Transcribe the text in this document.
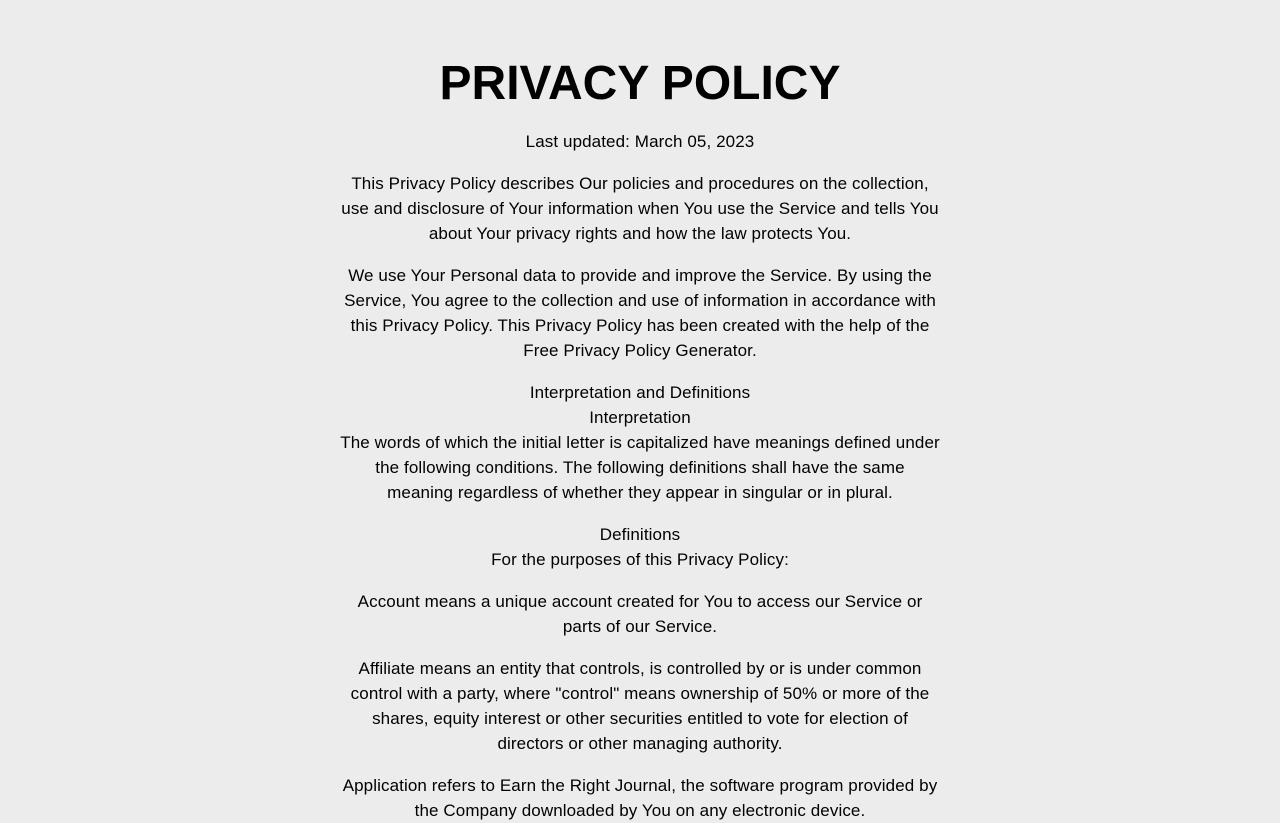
PRIVACY POLICY

Last updated: March 05, 2023

This Privacy Policy describes Our policies and procedures on the collection, use and disclosure of Your information when You use the Service and tells You about Your privacy rights and how the law protects You.

We use Your Personal data to provide and improve the Service. By using the Service, You agree to the collection and use of information in accordance with this Privacy Policy. This Privacy Policy has been created with the help of the Free Privacy Policy Generator.

Interpretation and Definitions
Interpretation
The words of which the initial letter is capitalized have meanings defined under the following conditions. The following definitions shall have the same meaning regardless of whether they appear in singular or in plural.
Definitions
For the purposes of this Privacy Policy:

Account means a unique account created for You to access our Service or parts of our Service.

Affiliate means an entity that controls, is controlled by or is under common control with a party, where "control" means ownership of 50% or more of the shares, equity interest or other securities entitled to vote for election of directors or other managing authority.

Application refers to Earn the Right Journal, the software program provided by the Company downloaded by You on any electronic device.
